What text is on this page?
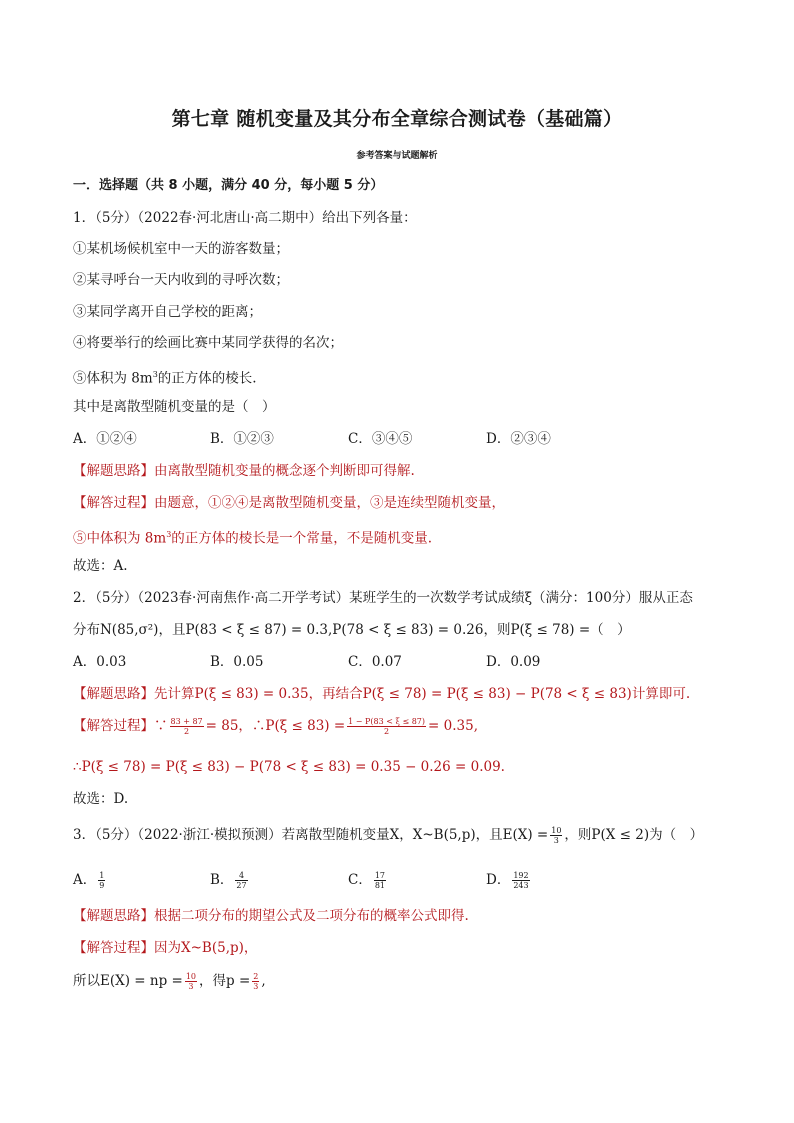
第七章 随机变量及其分布全章综合测试卷（基础篇）
参考答案与试题解析
一．选择题（共 8 小题，满分 40 分，每小题 5 分）
1．（5分）（2022春·河北唐山·高二期中）给出下列各量：
①某机场候机室中一天的游客数量；
②某寻呼台一天内收到的寻呼次数；
③某同学离开自己学校的距离；
④将要举行的绘画比赛中某同学获得的名次；
⑤体积为 $8m^3$的正方体的棱长.
其中是离散型随机变量的是（　）
A．①②④	B．①②③	C．③④⑤	D．②③④
【解题思路】由离散型随机变量的概念逐个判断即可得解.
【解答过程】由题意，①②④是离散型随机变量，③是连续型随机变量，
⑤中体积为 $8m^3$的正方体的棱长是一个常量，不是随机变量.
故选：A.
2．（5分）（2023春·河南焦作·高二开学考试）某班学生的一次数学考试成绩ξ（满分：100分）服从正态
分布N(85,σ²)，且P(83 < ξ ≤ 87) = 0.3,P(78 < ξ ≤ 83) = 0.26，则P(ξ ≤ 78) =（　）
A．0.03	B．0.05	C．0.07	D．0.09
【解题思路】先计算P(ξ ≤ 83) = 0.35，再结合P(ξ ≤ 78) = P(ξ ≤ 83) − P(78 < ξ ≤ 83)计算即可.
【解答过程】∵ $\frac{83 + 87}{2} = 85$，∴P(ξ ≤ $83) = \frac{1 - P(83 < \xi \le 87)}{2} = 0.35$,
∴P(ξ ≤ 78) = P(ξ ≤ 83) − P(78 < ξ ≤ 83) = 0.35 − 0.26 = 0.09.
故选：D.
3．（5分）（2022·浙江·模拟预测）若离散型随机变量X，X~B(5,p)，且$E(X) = \frac{10}{3}$ ，则P(X ≤ 2)为（　）
A． $\frac{1}{9}$	B． $\frac{4}{27}$	C． $\frac{17}{81}$	D． $\frac{192}{243}$
【解题思路】根据二项分布的期望公式及二项分布的概率公式即得.
【解答过程】因为X~B(5,p)，
所以E(X) = np = $\frac{10}{3}$ ，得$p = \frac{2}{3}$ ,
